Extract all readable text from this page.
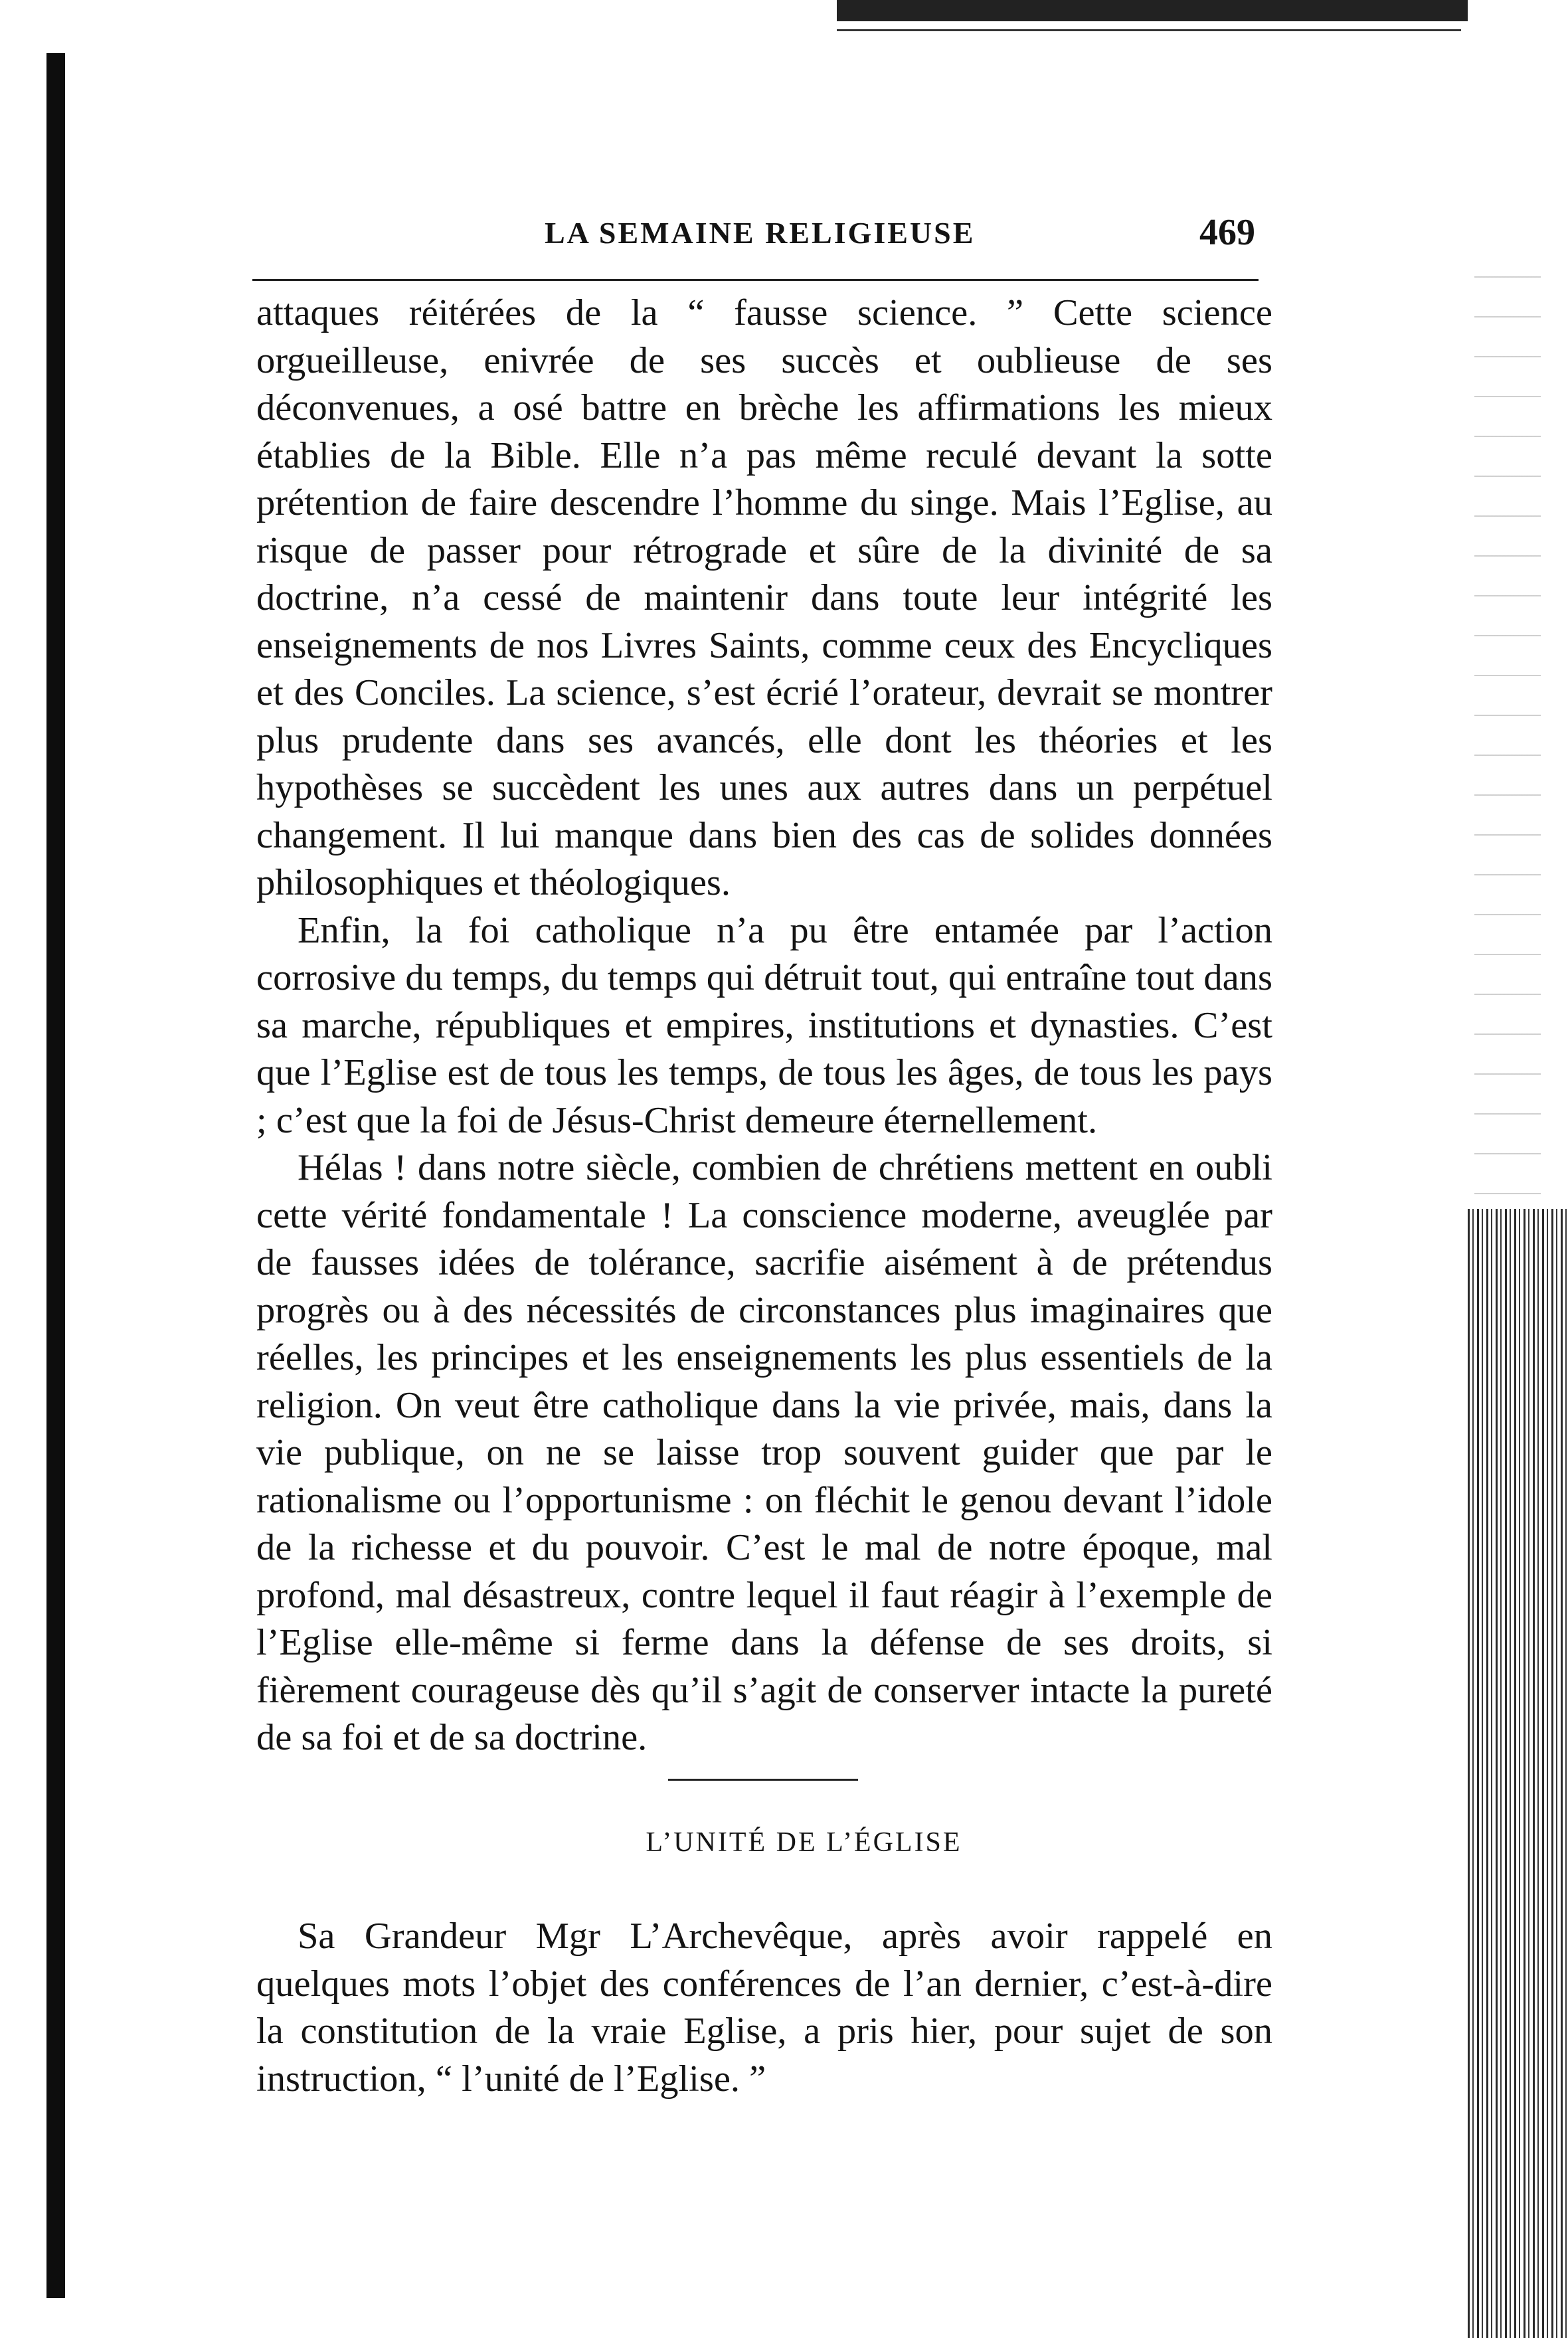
LA SEMAINE RELIGIEUSE	469

attaques réitérées de la “ fausse science. ” Cette science orgueilleuse, enivrée de ses succès et oublieuse de ses déconvenues, a osé battre en brèche les affirmations les mieux établies de la Bible. Elle n’a pas même reculé devant la sotte prétention de faire descendre l’homme du singe. Mais l’Eglise, au risque de passer pour rétrograde et sûre de la divinité de sa doctrine, n’a cessé de maintenir dans toute leur intégrité les enseignements de nos Livres Saints, comme ceux des Encycliques et des Conciles. La science, s’est écrié l’orateur, devrait se montrer plus prudente dans ses avancés, elle dont les théories et les hypothèses se succèdent les unes aux autres dans un perpétuel changement. Il lui manque dans bien des cas de solides données philosophiques et théologiques.

Enfin, la foi catholique n’a pu être entamée par l’action corrosive du temps, du temps qui détruit tout, qui entraîne tout dans sa marche, républiques et empires, institutions et dynasties. C’est que l’Eglise est de tous les temps, de tous les âges, de tous les pays ; c’est que la foi de Jésus-Christ demeure éternellement.

Hélas ! dans notre siècle, combien de chrétiens mettent en oubli cette vérité fondamentale ! La conscience moderne, aveuglée par de fausses idées de tolérance, sacrifie aisément à de prétendus progrès ou à des nécessités de circonstances plus imaginaires que réelles, les principes et les enseignements les plus essentiels de la religion. On veut être catholique dans la vie privée, mais, dans la vie publique, on ne se laisse trop souvent guider que par le rationalisme ou l’opportunisme : on fléchit le genou devant l’idole de la richesse et du pouvoir. C’est le mal de notre époque, mal profond, mal désastreux, contre lequel il faut réagir à l’exemple de l’Eglise elle-même si ferme dans la défense de ses droits, si fièrement courageuse dès qu’il s’agit de conserver intacte la pureté de sa foi et de sa doctrine.

L’UNITÉ DE L’ÉGLISE

Sa Grandeur Mgr L’Archevêque, après avoir rappelé en quelques mots l’objet des conférences de l’an dernier, c’est-à-dire la constitution de la vraie Eglise, a pris hier, pour sujet de son instruction, “ l’unité de l’Eglise. ”
